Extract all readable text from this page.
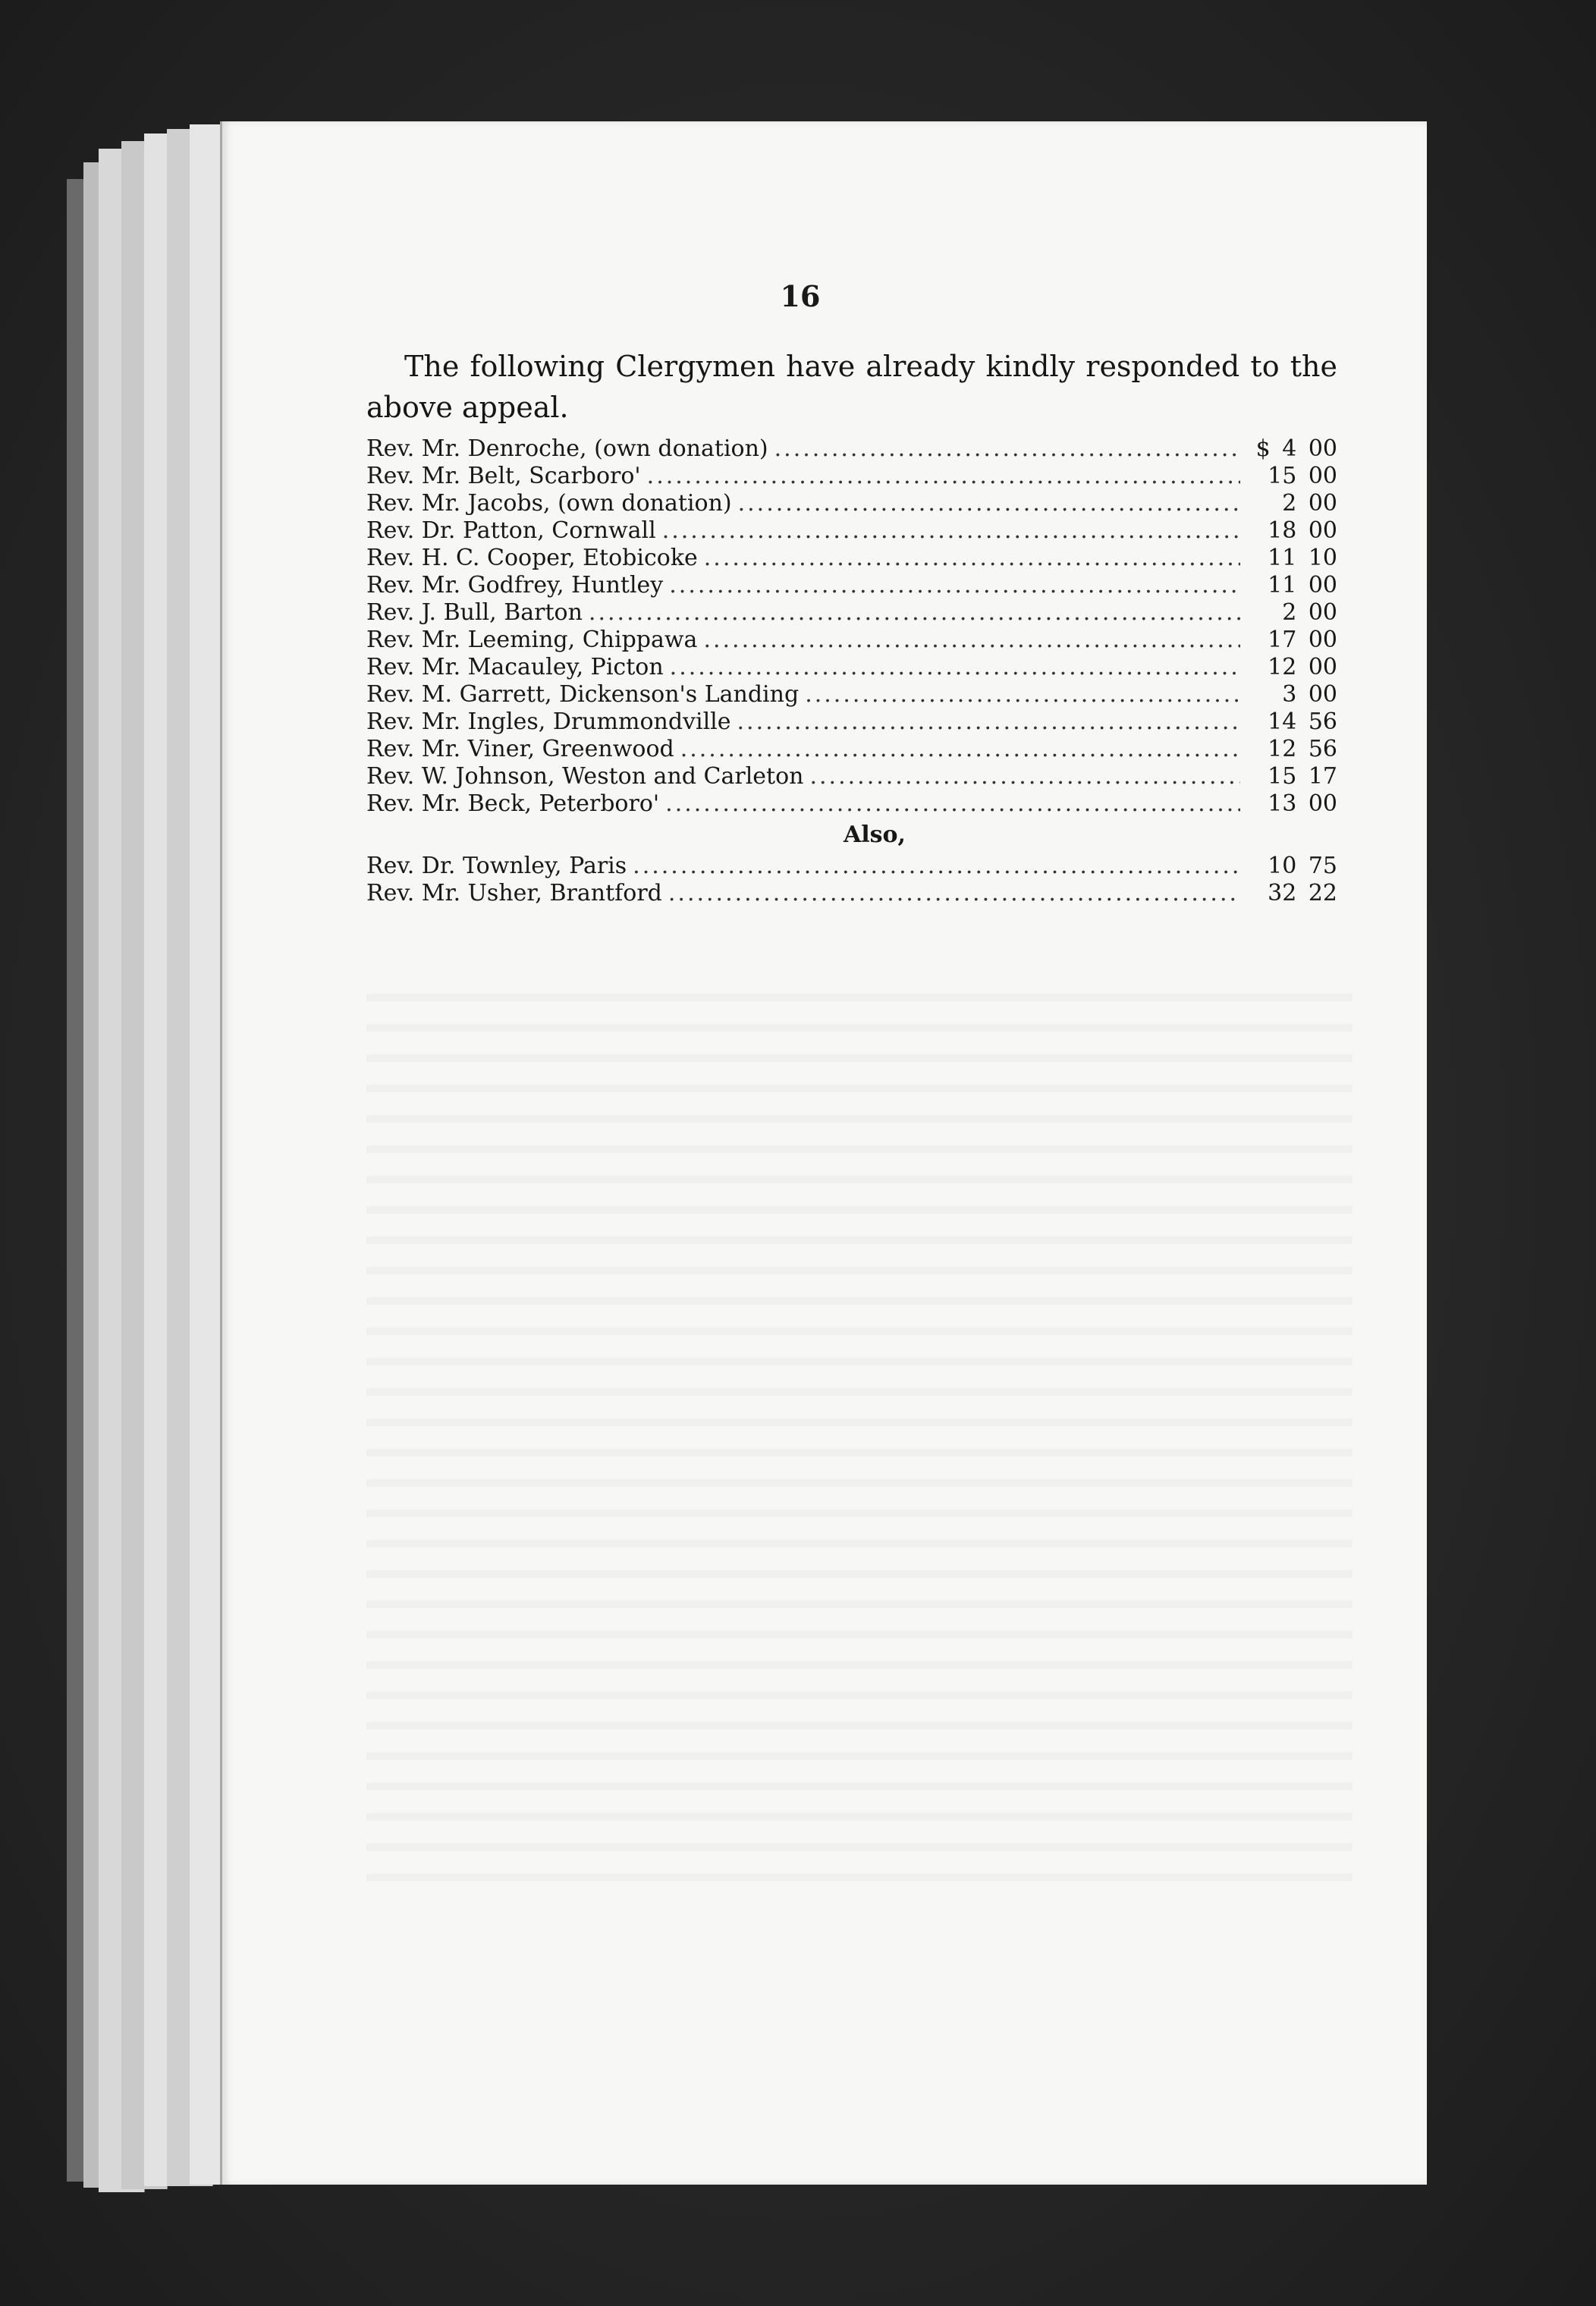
16
The following Clergymen have already kindly responded to the above appeal.
Rev. Mr. Denroche, (own donation) .....	$ 4 00
Rev. Mr. Belt, Scarboro' .....	15 00
Rev. Mr. Jacobs, (own donation) .....	2 00
Rev. Dr. Patton, Cornwall .....	18 00
Rev. H. C. Cooper, Etobicoke .....	11 10
Rev. Mr. Godfrey, Huntley .....	11 00
Rev. J. Bull, Barton .....	2 00
Rev. Mr. Leeming, Chippawa .....	17 00
Rev. Mr. Macauley, Picton .....	12 00
Rev. M. Garrett, Dickenson's Landing .....	3 00
Rev. Mr. Ingles, Drummondville .....	14 56
Rev. Mr. Viner, Greenwood .....	12 56
Rev. W. Johnson, Weston and Carleton .....	15 17
Rev. Mr. Beck, Peterboro' .....	13 00
Also,
Rev. Dr. Townley, Paris .....	10 75
Rev. Mr. Usher, Brantford .....	32 22
